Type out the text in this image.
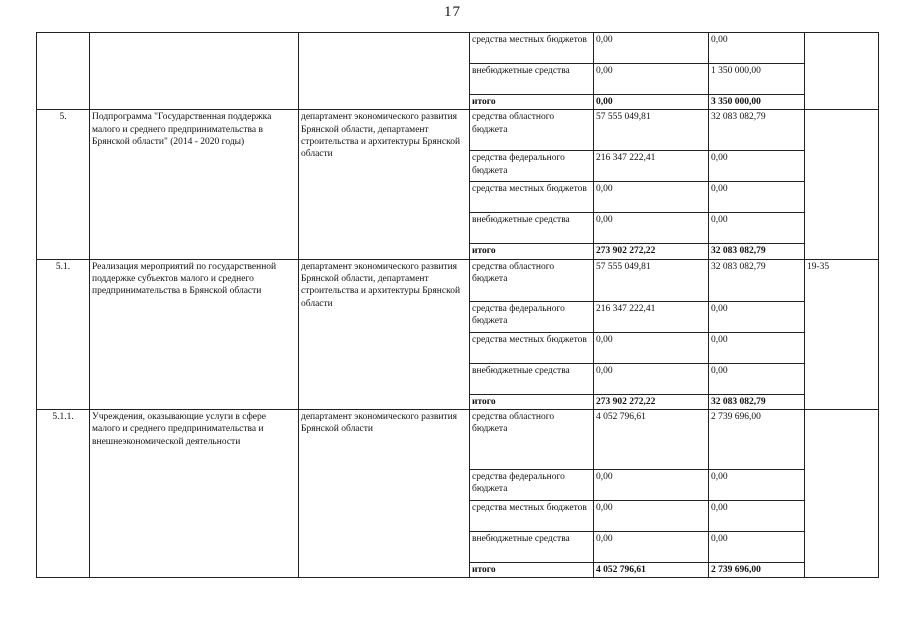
17
			средства местных бюджетов	0,00	0,00	
			внебюджетные средства	0,00	1 350 000,00	
			итого	0,00	3 350 000,00	
5.	Подпрограмма "Государственная поддержка малого и среднего предпринимательства в Брянской области" (2014 - 2020 годы)	департамент экономического развития Брянской области, департамент строительства и архитектуры Брянской области	средства областного бюджета	57 555 049,81	32 083 082,79	
			средства федерального бюджета	216 347 222,41	0,00	
			средства местных бюджетов	0,00	0,00	
			внебюджетные средства	0,00	0,00	
			итого	273 902 272,22	32 083 082,79	
5.1.	Реализация мероприятий по государственной поддержке субъектов малого и среднего предпринимательства в Брянской области	департамент экономического развития Брянской области, департамент строительства и архитектуры Брянской области	средства областного бюджета	57 555 049,81	32 083 082,79	19-35
			средства федерального бюджета	216 347 222,41	0,00	
			средства местных бюджетов	0,00	0,00	
			внебюджетные средства	0,00	0,00	
			итого	273 902 272,22	32 083 082,79	
5.1.1.	Учреждения, оказывающие услуги в сфере малого и среднего предпринимательства и внешнеэкономической деятельности	департамент экономического развития Брянской области	средства областного бюджета	4 052 796,61	2 739 696,00	
			средства федерального бюджета	0,00	0,00	
			средства местных бюджетов	0,00	0,00	
			внебюджетные средства	0,00	0,00	
			итого	4 052 796,61	2 739 696,00	
